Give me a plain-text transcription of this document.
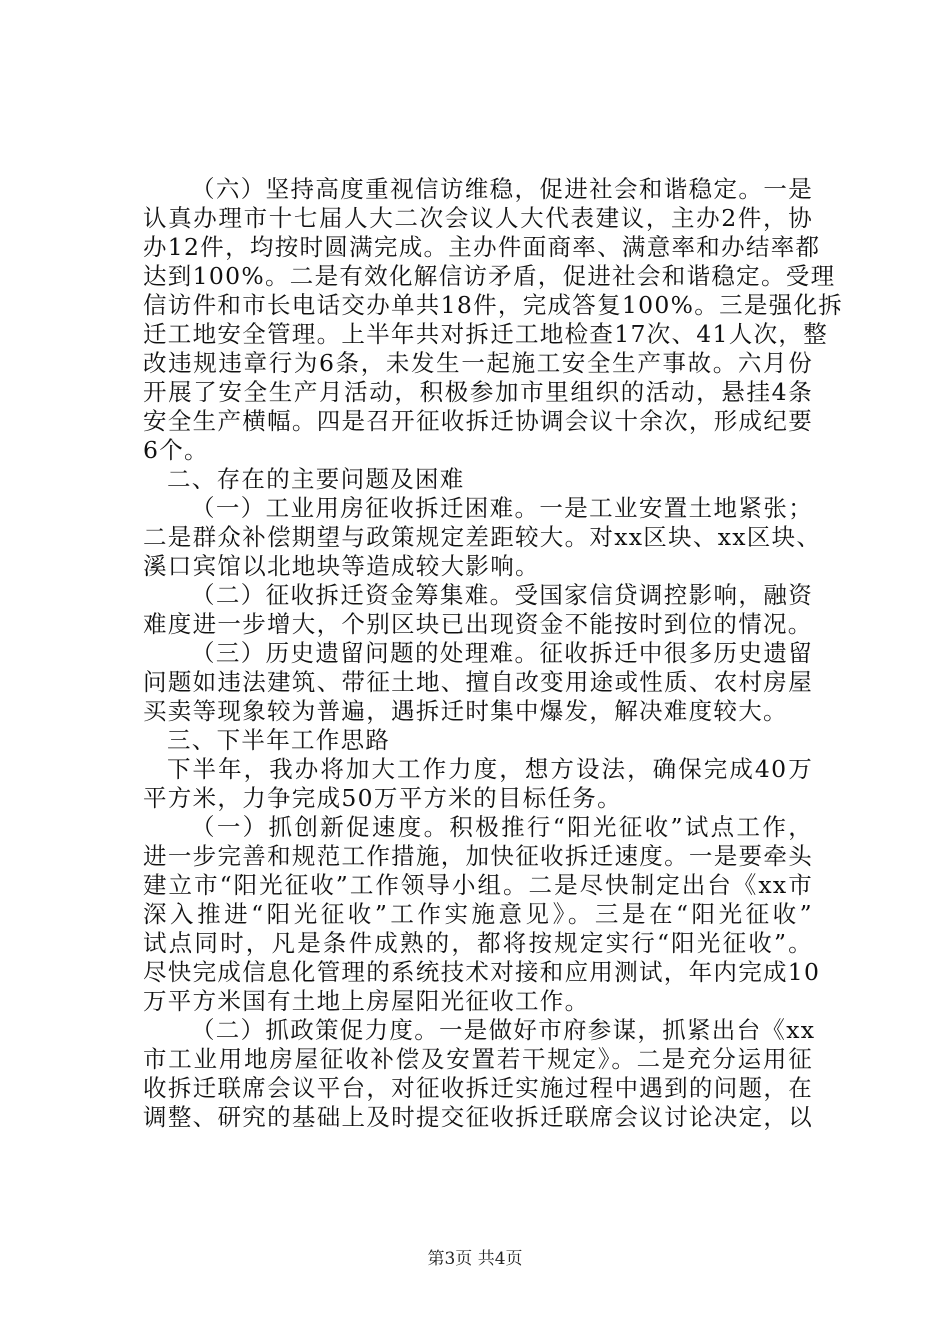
（六）坚持高度重视信访维稳，促进社会和谐稳定。一是
认真办理市十七届人大二次会议人大代表建议，主办2件，协
办12件，均按时圆满完成。主办件面商率、满意率和办结率都
达到100%。二是有效化解信访矛盾，促进社会和谐稳定。受理
信访件和市长电话交办单共18件，完成答复100%。三是强化拆
迁工地安全管理。上半年共对拆迁工地检查17次、41人次，整
改违规违章行为6条，未发生一起施工安全生产事故。六月份
开展了安全生产月活动，积极参加市里组织的活动，悬挂4条
安全生产横幅。四是召开征收拆迁协调会议十余次，形成纪要
6个。
二、存在的主要问题及困难
（一）工业用房征收拆迁困难。一是工业安置土地紧张；
二是群众补偿期望与政策规定差距较大。对xx区块、xx区块、
溪口宾馆以北地块等造成较大影响。
（二）征收拆迁资金筹集难。受国家信贷调控影响，融资
难度进一步增大，个别区块已出现资金不能按时到位的情况。
（三）历史遗留问题的处理难。征收拆迁中很多历史遗留
问题如违法建筑、带征土地、擅自改变用途或性质、农村房屋
买卖等现象较为普遍，遇拆迁时集中爆发，解决难度较大。
三、下半年工作思路
下半年，我办将加大工作力度，想方设法，确保完成40万
平方米，力争完成50万平方米的目标任务。
（一）抓创新促速度。积极推行“阳光征收”试点工作，
进一步完善和规范工作措施，加快征收拆迁速度。一是要牵头
建立市“阳光征收”工作领导小组。二是尽快制定出台《xx市
深入推进“阳光征收”工作实施意见》。三是在“阳光征收”
试点同时，凡是条件成熟的，都将按规定实行“阳光征收”。
尽快完成信息化管理的系统技术对接和应用测试，年内完成10
万平方米国有土地上房屋阳光征收工作。
（二）抓政策促力度。一是做好市府参谋，抓紧出台《xx
市工业用地房屋征收补偿及安置若干规定》。二是充分运用征
收拆迁联席会议平台，对征收拆迁实施过程中遇到的问题，在
调整、研究的基础上及时提交征收拆迁联席会议讨论决定，以
第3页 共4页
